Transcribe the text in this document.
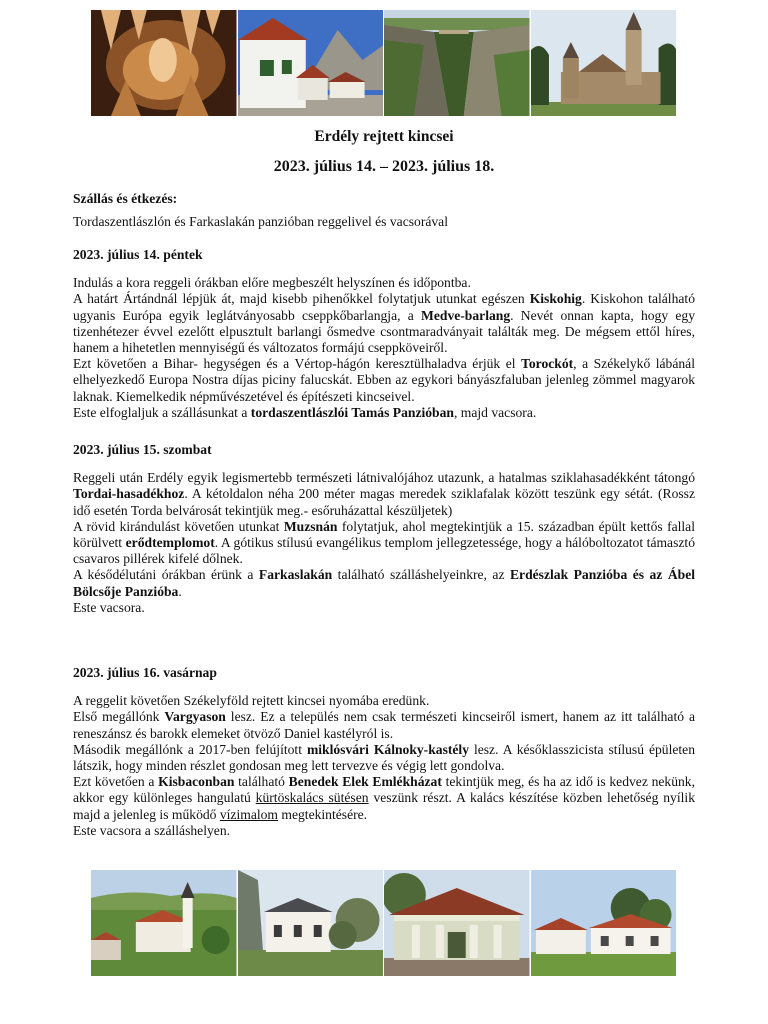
Erdély rejtett kincsei
2023. július 14. – 2023. július 18.

Szállás és étkezés:

Tordaszentlászlón és Farkaslakán panzióban reggelivel és vacsorával

2023. július 14. péntek

Indulás a kora reggeli órákban előre megbeszélt helyszínen és időpontba.

A határt Ártándnál lépjük át, majd kisebb pihenőkkel folytatjuk utunkat egészen Kiskohig. Kiskohon található ugyanis Európa egyik leglátványosabb cseppkőbarlangja, a Medve-barlang. Nevét onnan kapta, hogy egy tizenhétezer évvel ezelőtt elpusztult barlangi ősmedve csontmaradványait találták meg. De mégsem ettől híres, hanem a hihetetlen mennyiségű és változatos formájú cseppköveiről.

Ezt követően a Bihar- hegységen és a Vértop-hágón keresztülhaladva érjük el Torockót, a Székelykő lábánál elhelyezkedő Europa Nostra díjas piciny falucskát. Ebben az egykori bányászfaluban jelenleg zömmel magyarok laknak. Kiemelkedik népművészetével és építészeti kincseivel.

Este elfoglaljuk a szállásunkat a tordaszentlászlói Tamás Panzióban, majd vacsora.

2023. július 15. szombat

Reggeli után Erdély egyik legismertebb természeti látnivalójához utazunk, a hatalmas sziklahasadékként tátongó Tordai-hasadékhoz. A kétoldalon néha 200 méter magas meredek sziklafalak között teszünk egy sétát. (Rossz idő esetén Torda belvárosát tekintjük meg.- esőruházattal készüljetek)

A rövid kirándulást követően utunkat Muzsnán folytatjuk, ahol megtekintjük a 15. században épült kettős fallal körülvett erődtemplomot. A gótikus stílusú evangélikus templom jellegzetessége, hogy a hálóboltozatot támasztó csavaros pillérek kifelé dőlnek.

A késődélutáni órákban érünk a Farkaslakán található szálláshelyeinkre, az Erdészlak Panzióba és az Ábel Bölcsője Panzióba.

Este vacsora.

2023. július 16. vasárnap

A reggelit követően Székelyföld rejtett kincsei nyomába eredünk.

Első megállónk Vargyason lesz. Ez a település nem csak természeti kincseiről ismert, hanem az itt található a reneszánsz és barokk elemeket ötvöző Daniel kastélyról is.

Második megállónk a 2017-ben felújított miklósvári Kálnoky-kastély lesz. A későklasszicista stílusú épületen látszik, hogy minden részlet gondosan meg lett tervezve és végig lett gondolva.

Ezt követően a Kisbaconban található Benedek Elek Emlékházat tekintjük meg, és ha az idő is kedvez nekünk, akkor egy különleges hangulatú kürtöskalács sütésen veszünk részt. A kalács készítése közben lehetőség nyílik majd a jelenleg is működő vízimalom megtekintésére.

Este vacsora a szálláshelyen.
